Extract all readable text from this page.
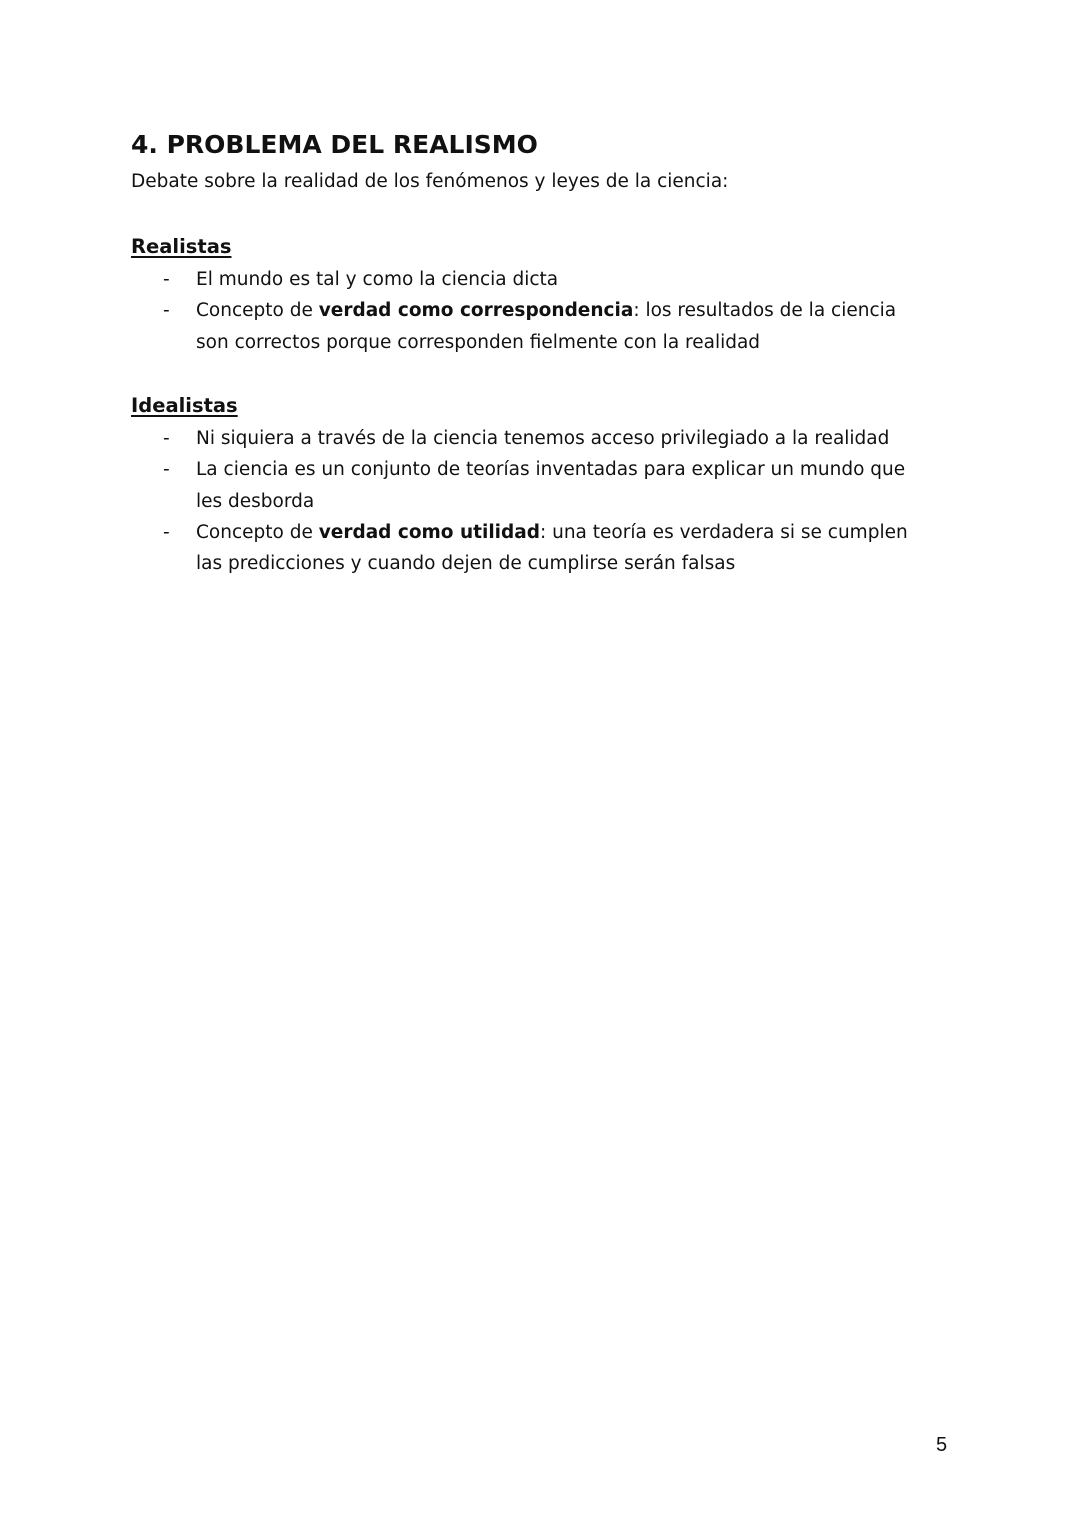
4. PROBLEMA DEL REALISMO
Debate sobre la realidad de los fenómenos y leyes de la ciencia:
Realistas
- El mundo es tal y como la ciencia dicta
- Concepto de verdad como correspondencia: los resultados de la ciencia son correctos porque corresponden fielmente con la realidad
Idealistas
- Ni siquiera a través de la ciencia tenemos acceso privilegiado a la realidad
- La ciencia es un conjunto de teorías inventadas para explicar un mundo que les desborda
- Concepto de verdad como utilidad: una teoría es verdadera si se cumplen las predicciones y cuando dejen de cumplirse serán falsas
5
